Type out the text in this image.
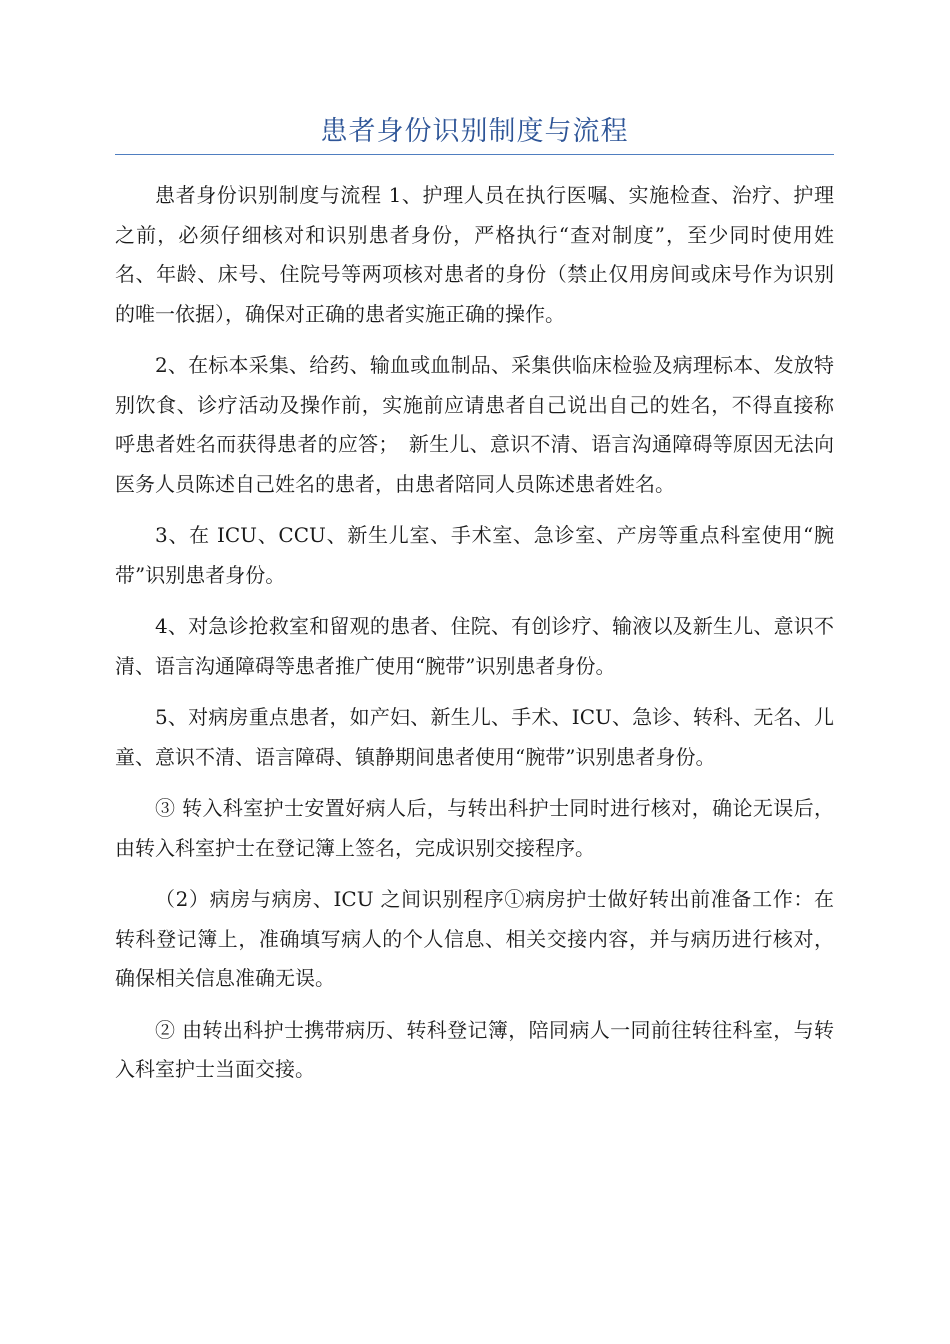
患者身份识别制度与流程

患者身份识别制度与流程 1、护理人员在执行医嘱、实施检查、治疗、护理之前，必须仔细核对和识别患者身份，严格执行“查对制度”，至少同时使用姓名、年龄、床号、住院号等两项核对患者的身份（禁止仅用房间或床号作为识别的唯一依据），确保对正确的患者实施正确的操作。

2、在标本采集、给药、输血或血制品、采集供临床检验及病理标本、发放特别饮食、诊疗活动及操作前，实施前应请患者自己说出自己的姓名，不得直接称呼患者姓名而获得患者的应答；　新生儿、意识不清、语言沟通障碍等原因无法向医务人员陈述自己姓名的患者，由患者陪同人员陈述患者姓名。

3、在 ICU、CCU、新生儿室、手术室、急诊室、产房等重点科室使用“腕带”识别患者身份。

4、对急诊抢救室和留观的患者、住院、有创诊疗、输液以及新生儿、意识不清、语言沟通障碍等患者推广使用“腕带”识别患者身份。

5、对病房重点患者，如产妇、新生儿、手术、ICU、急诊、转科、无名、儿童、意识不清、语言障碍、镇静期间患者使用“腕带”识别患者身份。

③ 转入科室护士安置好病人后，与转出科护士同时进行核对，确论无误后，由转入科室护士在登记簿上签名，完成识别交接程序。

（2）病房与病房、ICU 之间识别程序①病房护士做好转出前准备工作：在转科登记簿上，准确填写病人的个人信息、相关交接内容，并与病历进行核对，确保相关信息准确无误。

② 由转出科护士携带病历、转科登记簿，陪同病人一同前往转往科室，与转入科室护士当面交接。
